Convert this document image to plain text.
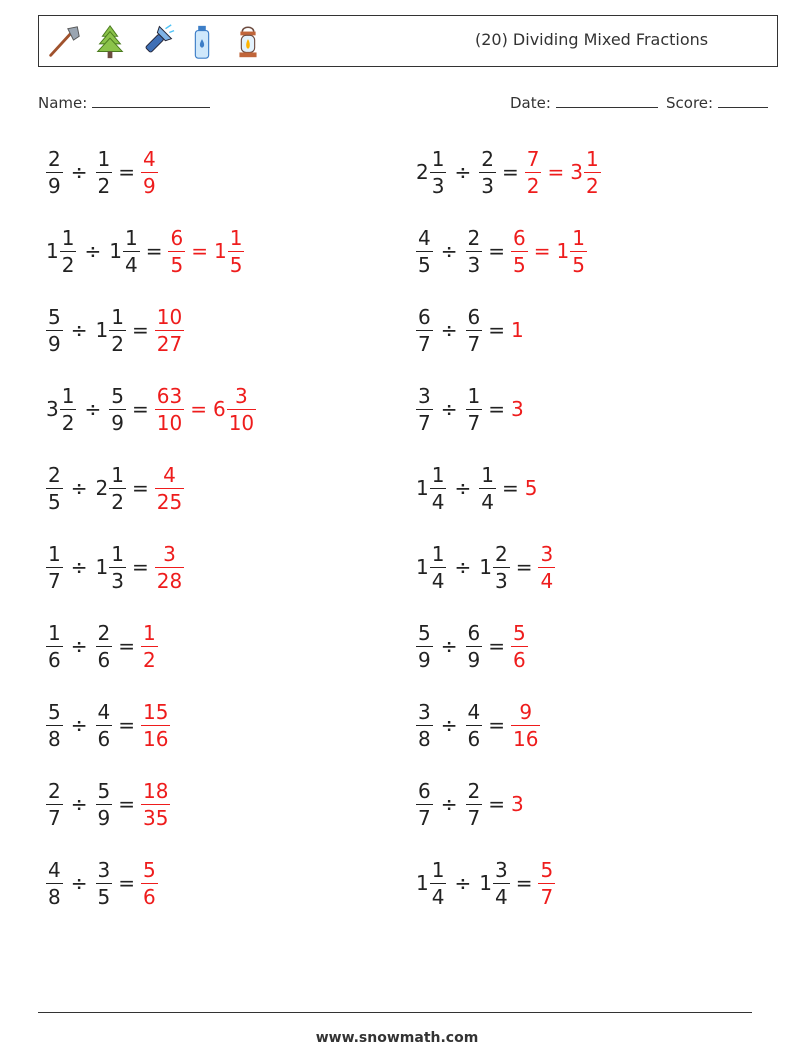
(20) Dividing Mixed Fractions
Name:	Date:	Score:
$\frac{2}{9} \div \frac{1}{2} = \frac{4}{9}$	$2 \frac{1}{3} \div \frac{2}{3} = \frac{7}{2} = 3 \frac{1}{2}$
$1 \frac{1}{2} \div 1 \frac{1}{4} = \frac{6}{5} = 1 \frac{1}{5}$	$\frac{4}{5} \div \frac{2}{3} = \frac{6}{5} = 1 \frac{1}{5}$
$\frac{5}{9} \div 1 \frac{1}{2} = \frac{10}{27}$	$\frac{6}{7} \div \frac{6}{7} = 1$
$3 \frac{1}{2} \div \frac{5}{9} = \frac{63}{10} = 6 \frac{3}{10}$	$\frac{3}{7} \div \frac{1}{7} = 3$
$\frac{2}{5} \div 2 \frac{1}{2} = \frac{4}{25}$	$1 \frac{1}{4} \div \frac{1}{4} = 5$
$\frac{1}{7} \div 1 \frac{1}{3} = \frac{3}{28}$	$1 \frac{1}{4} \div 1 \frac{2}{3} = \frac{3}{4}$
$\frac{1}{6} \div \frac{2}{6} = \frac{1}{2}$	$\frac{5}{9} \div \frac{6}{9} = \frac{5}{6}$
$\frac{5}{8} \div \frac{4}{6} = \frac{15}{16}$	$\frac{3}{8} \div \frac{4}{6} = \frac{9}{16}$
$\frac{2}{7} \div \frac{5}{9} = \frac{18}{35}$	$\frac{6}{7} \div \frac{2}{7} = 3$
$\frac{4}{8} \div \frac{3}{5} = \frac{5}{6}$	$1 \frac{1}{4} \div 1 \frac{3}{4} = \frac{5}{7}$
www.snowmath.com
